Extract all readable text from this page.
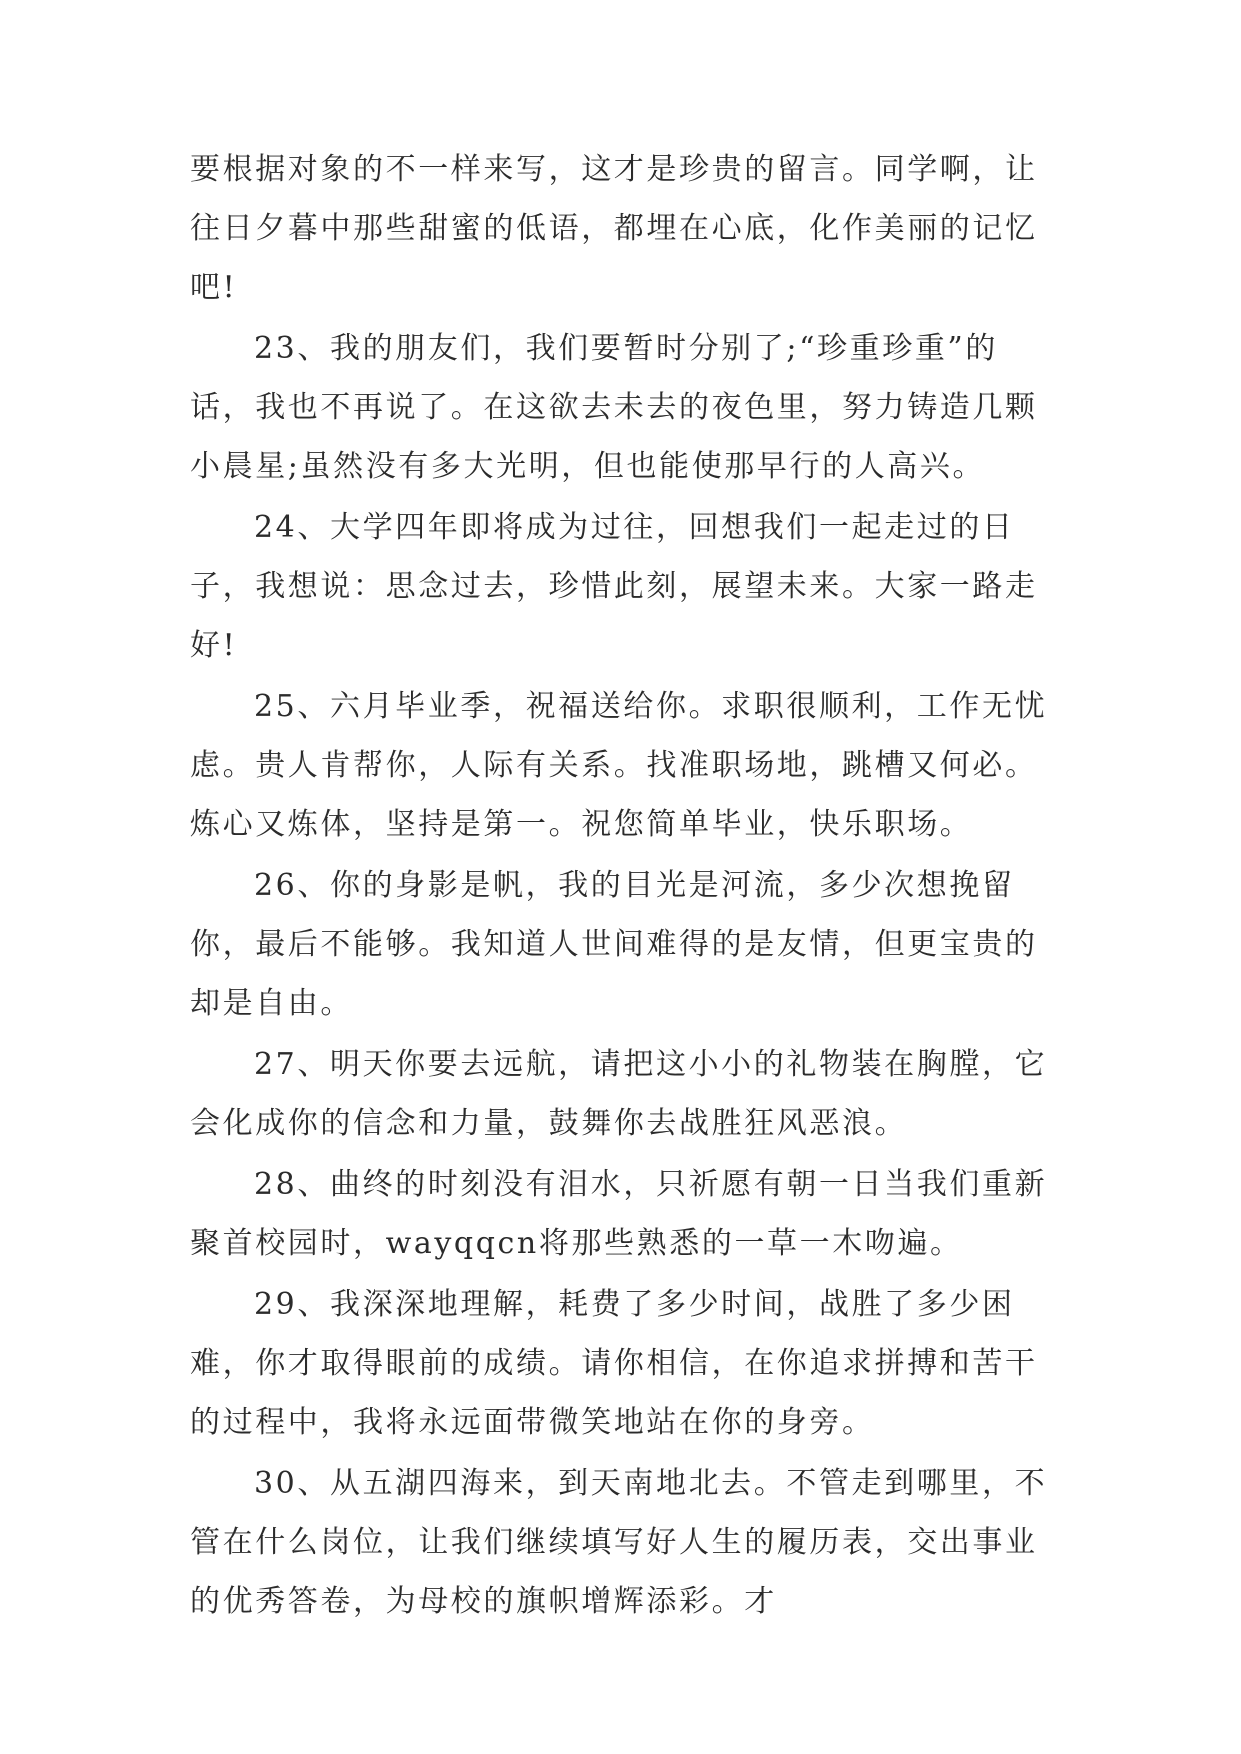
要根据对象的不一样来写，这才是珍贵的留言。同学啊，让往日夕暮中那些甜蜜的低语，都埋在心底，化作美丽的记忆吧!

23、我的朋友们，我们要暂时分别了;“珍重珍重”的话，我也不再说了。在这欲去未去的夜色里，努力铸造几颗小晨星;虽然没有多大光明，但也能使那早行的人高兴。

24、大学四年即将成为过往，回想我们一起走过的日子，我想说：思念过去，珍惜此刻，展望未来。大家一路走好!

25、六月毕业季，祝福送给你。求职很顺利，工作无忧虑。贵人肯帮你，人际有关系。找准职场地，跳槽又何必。炼心又炼体，坚持是第一。祝您简单毕业，快乐职场。

26、你的身影是帆，我的目光是河流，多少次想挽留你，最后不能够。我知道人世间难得的是友情，但更宝贵的却是自由。

27、明天你要去远航，请把这小小的礼物装在胸膛，它会化成你的信念和力量，鼓舞你去战胜狂风恶浪。

28、曲终的时刻没有泪水，只祈愿有朝一日当我们重新聚首校园时，wayqqcn将那些熟悉的一草一木吻遍。

29、我深深地理解，耗费了多少时间，战胜了多少困难，你才取得眼前的成绩。请你相信，在你追求拼搏和苦干的过程中，我将永远面带微笑地站在你的身旁。

30、从五湖四海来，到天南地北去。不管走到哪里，不管在什么岗位，让我们继续填写好人生的履历表，交出事业的优秀答卷，为母校的旗帜增辉添彩。才
